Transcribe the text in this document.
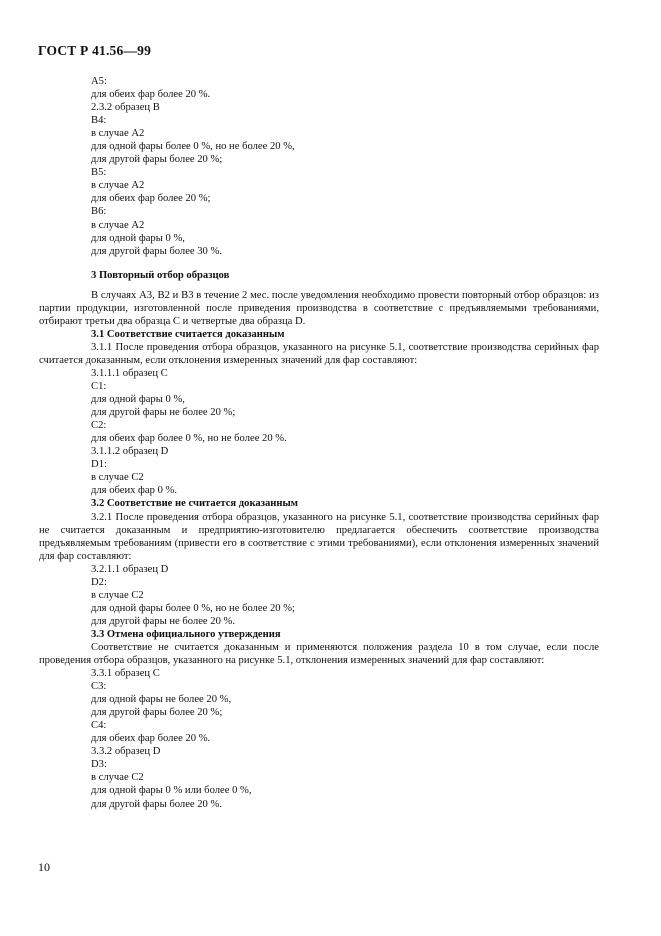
ГОСТ Р 41.56—99
A5:
для обеих фар более 20 %.
2.3.2 образец B
B4:
в случае A2
для одной фары более 0 %, но не более 20 %,
для другой фары более 20 %;
B5:
в случае A2
для обеих фар более 20 %;
B6:
в случае A2
для одной фары 0 %,
для другой фары более 30 %.
3 Повторный отбор образцов
В случаях A3, B2 и B3 в течение 2 мес. после уведомления необходимо провести повторный отбор образцов: из партии продукции, изготовленной после приведения производства в соответствие с предъявляемыми требованиями, отбирают третьи два образца C и четвертые два образца D.
3.1 Соответствие считается доказанным
3.1.1 После проведения отбора образцов, указанного на рисунке 5.1, соответствие производства серийных фар считается доказанным, если отклонения измеренных значений для фар составляют:
3.1.1.1 образец C
C1:
для одной фары 0 %,
для другой фары не более 20 %;
C2:
для обеих фар более 0 %, но не более 20 %.
3.1.1.2 образец D
D1:
в случае C2
для обеих фар 0 %.
3.2 Соответствие не считается доказанным
3.2.1 После проведения отбора образцов, указанного на рисунке 5.1, соответствие производства серийных фар не считается доказанным и предприятию-изготовителю предлагается обеспечить соответствие производства предъявляемым требованиям (привести его в соответствие с этими требованиями), если отклонения измеренных значений для фар составляют:
3.2.1.1 образец D
D2:
в случае C2
для одной фары более 0 %, но не более 20 %;
для другой фары не более 20 %.
3.3 Отмена официального утверждения
Соответствие не считается доказанным и применяются положения раздела 10 в том случае, если после проведения отбора образцов, указанного на рисунке 5.1, отклонения измеренных значений для фар составляют:
3.3.1 образец C
C3:
для одной фары не более 20 %,
для другой фары более 20 %;
C4:
для обеих фар более 20 %.
3.3.2 образец D
D3:
в случае C2
для одной фары 0 % или более 0 %,
для другой фары более 20 %.
10
